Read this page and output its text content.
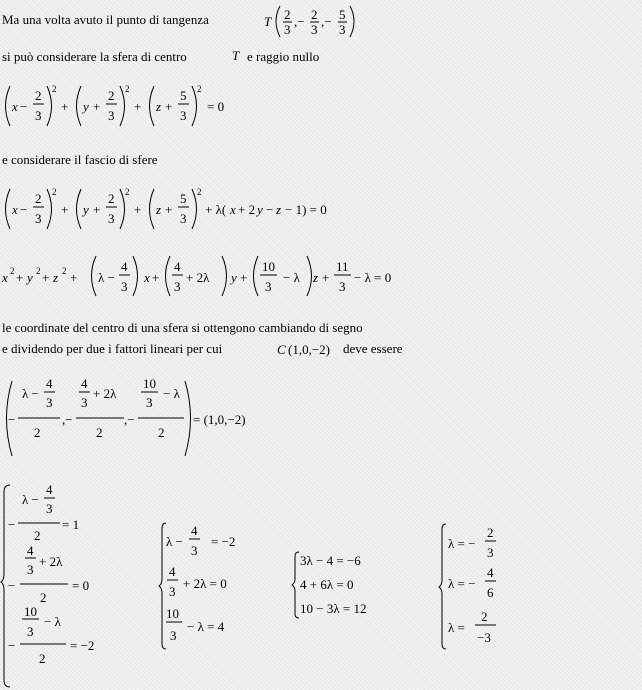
Ma una volta avuto il punto di tangenza
si può considerare la sfera di centro	e raggio nullo
e considerare il fascio di sfere
le coordinate del centro di una sfera si ottengono cambiando di segno
e dividendo per due i fattori lineari per cui	deve essere
T 2
3
,− 2
3
,− 5
3
T
x −
2
3
2
+ y +
2
3
2
+ z +
5
3
2
= 0
x −
2
3
2
+ y +
2
3
2
+ z +
5
3
2
+ λ( x + 2 y − z − 1) = 0
x 2 + y 2 + z 2 + λ −
4
3
x +
4
3
+ 2λ y +
10
3
− λ z +
11
3
− λ = 0
C (1,0,−2)
−
λ −
4
3
2
,−
4
3
+ 2λ
2
,−
10
3
− λ
2
= (1,0,−2)
−
λ −
4
3
2
= 1
−
4
3
+ 2λ
2
= 0
−
10
3
− λ
2
= −2
λ −
4
3
= −2
4
3
+ 2λ = 0
10
3
− λ = 4
3λ − 4 = −6
4 + 6λ = 0
10 − 3λ = 12
λ = −
2
3
λ = −
4
6
λ =
2
−3
